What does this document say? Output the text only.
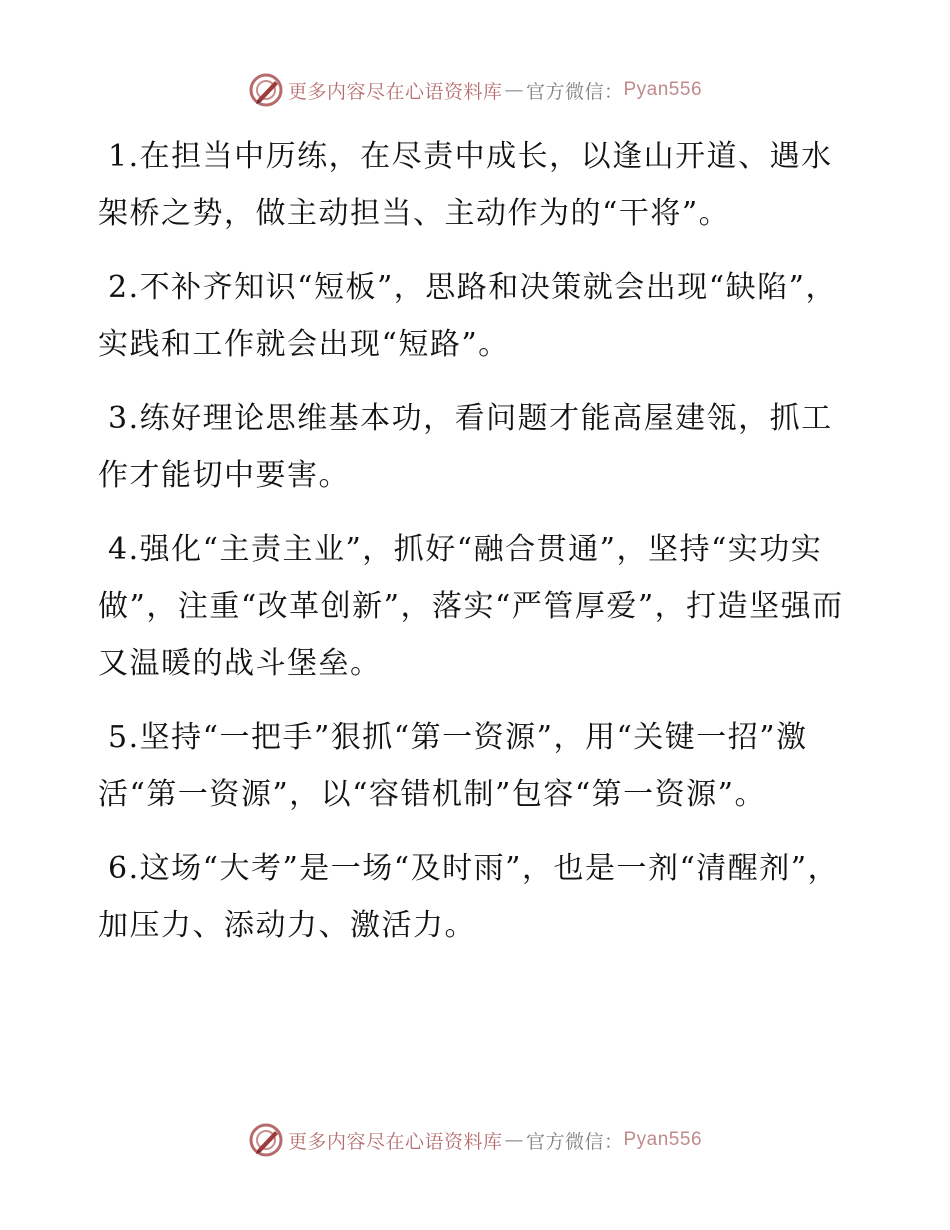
更多内容尽在心语资料库 — 官方微信： Pyan556

1.在担当中历练，在尽责中成长，以逢山开道、遇水架桥之势，做主动担当、主动作为的“干将”。

2.不补齐知识“短板”，思路和决策就会出现“缺陷”，实践和工作就会出现“短路”。

3.练好理论思维基本功，看问题才能高屋建瓴，抓工作才能切中要害。

4.强化“主责主业”，抓好“融合贯通”，坚持“实功实做”，注重“改革创新”，落实“严管厚爱”，打造坚强而又温暖的战斗堡垒。

5.坚持“一把手”狠抓“第一资源”，用“关键一招”激活“第一资源”，以“容错机制”包容“第一资源”。

6.这场“大考”是一场“及时雨”，也是一剂“清醒剂”，加压力、添动力、激活力。

更多内容尽在心语资料库 — 官方微信： Pyan556
